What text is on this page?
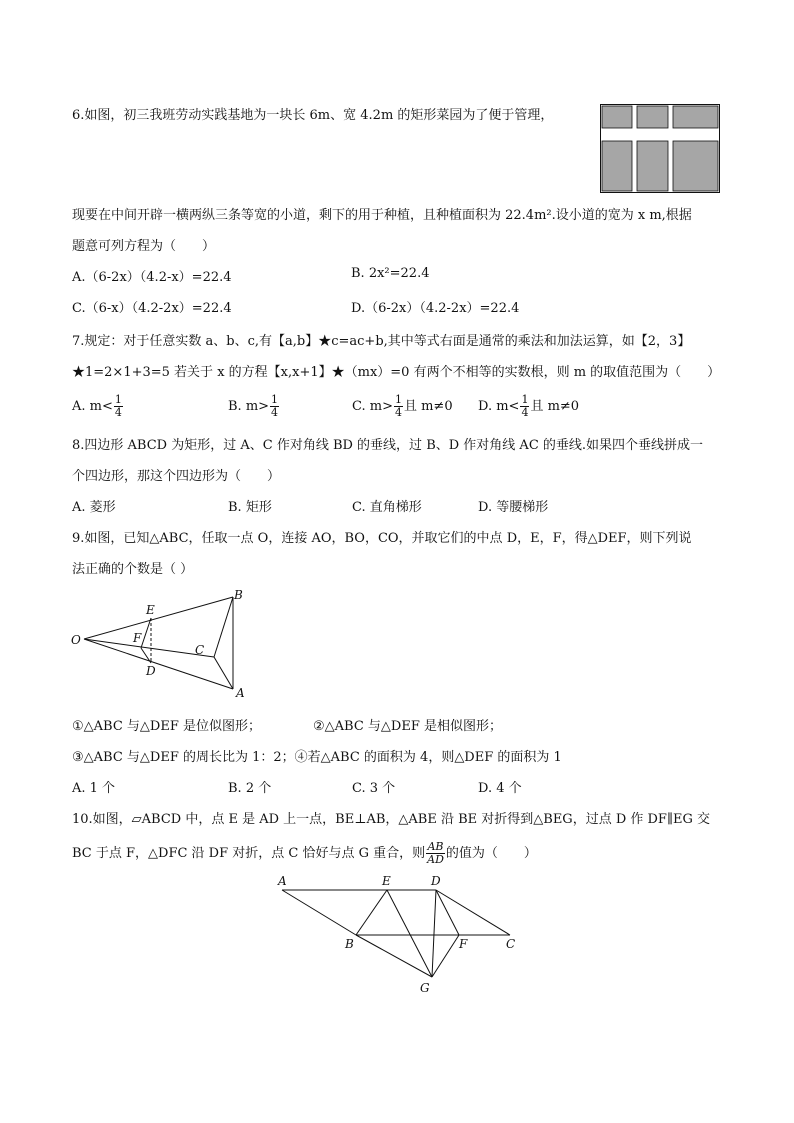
6.如图，初三我班劳动实践基地为一块长 6m、宽 4.2m 的矩形菜园为了便于管理，
现要在中间开辟一横两纵三条等宽的小道，剩下的用于种植，且种植面积为 22.4m².设小道的宽为 x m,根据
题意可列方程为（　　）
A.（6-2x）（4.2-x）=22.4	B. 2x²=22.4
C.（6-x）（4.2-2x）=22.4	D.（6-2x）（4.2-2x）=22.4
7.规定：对于任意实数 a、b、c,有【a,b】★c=ac+b,其中等式右面是通常的乘法和加法运算，如【2，3】
★1=2×1+3=5 若关于 x 的方程【x,x+1】★（mx）=0 有两个不相等的实数根，则 m 的取值范围为（　　）
A. $m< \frac{1}{4}$	B. $m> \frac{1}{4}$	C. $m> \frac{1}{4}$ 且 m≠0 D. $m< \frac{1}{4}$ 且 m≠0
8.四边形 ABCD 为矩形，过 A、C 作对角线 BD 的垂线，过 B、D 作对角线 AC 的垂线.如果四个垂线拼成一
个四边形，那这个四边形为（　　）
A. 菱形	B. 矩形	C. 直角梯形	D. 等腰梯形
9.如图，已知△ABC，任取一点 O，连接 AO，BO，CO，并取它们的中点 D，E，F，得△DEF，则下列说
法正确的个数是（ ）
O
E
F
D
C
B
A
①△ABC 与△DEF 是位似图形；	②△ABC 与△DEF 是相似图形；
③△ABC 与△DEF 的周长比为 1：2；④若△ABC 的面积为 4，则△DEF 的面积为 1
A. 1 个	B. 2 个	C. 3 个	D. 4 个
10.如图，▱ABCD 中，点 E 是 AD 上一点，BE⊥AB，△ABE 沿 BE 对折得到△BEG，过点 D 作 DF∥EG 交
BC 于点 F，△DFC 沿 DF 对折，点 C 恰好与点 G 重合，则 $\frac{AB}{AD}$ 的值为（　　）
A	E	D
B	F	C
G
